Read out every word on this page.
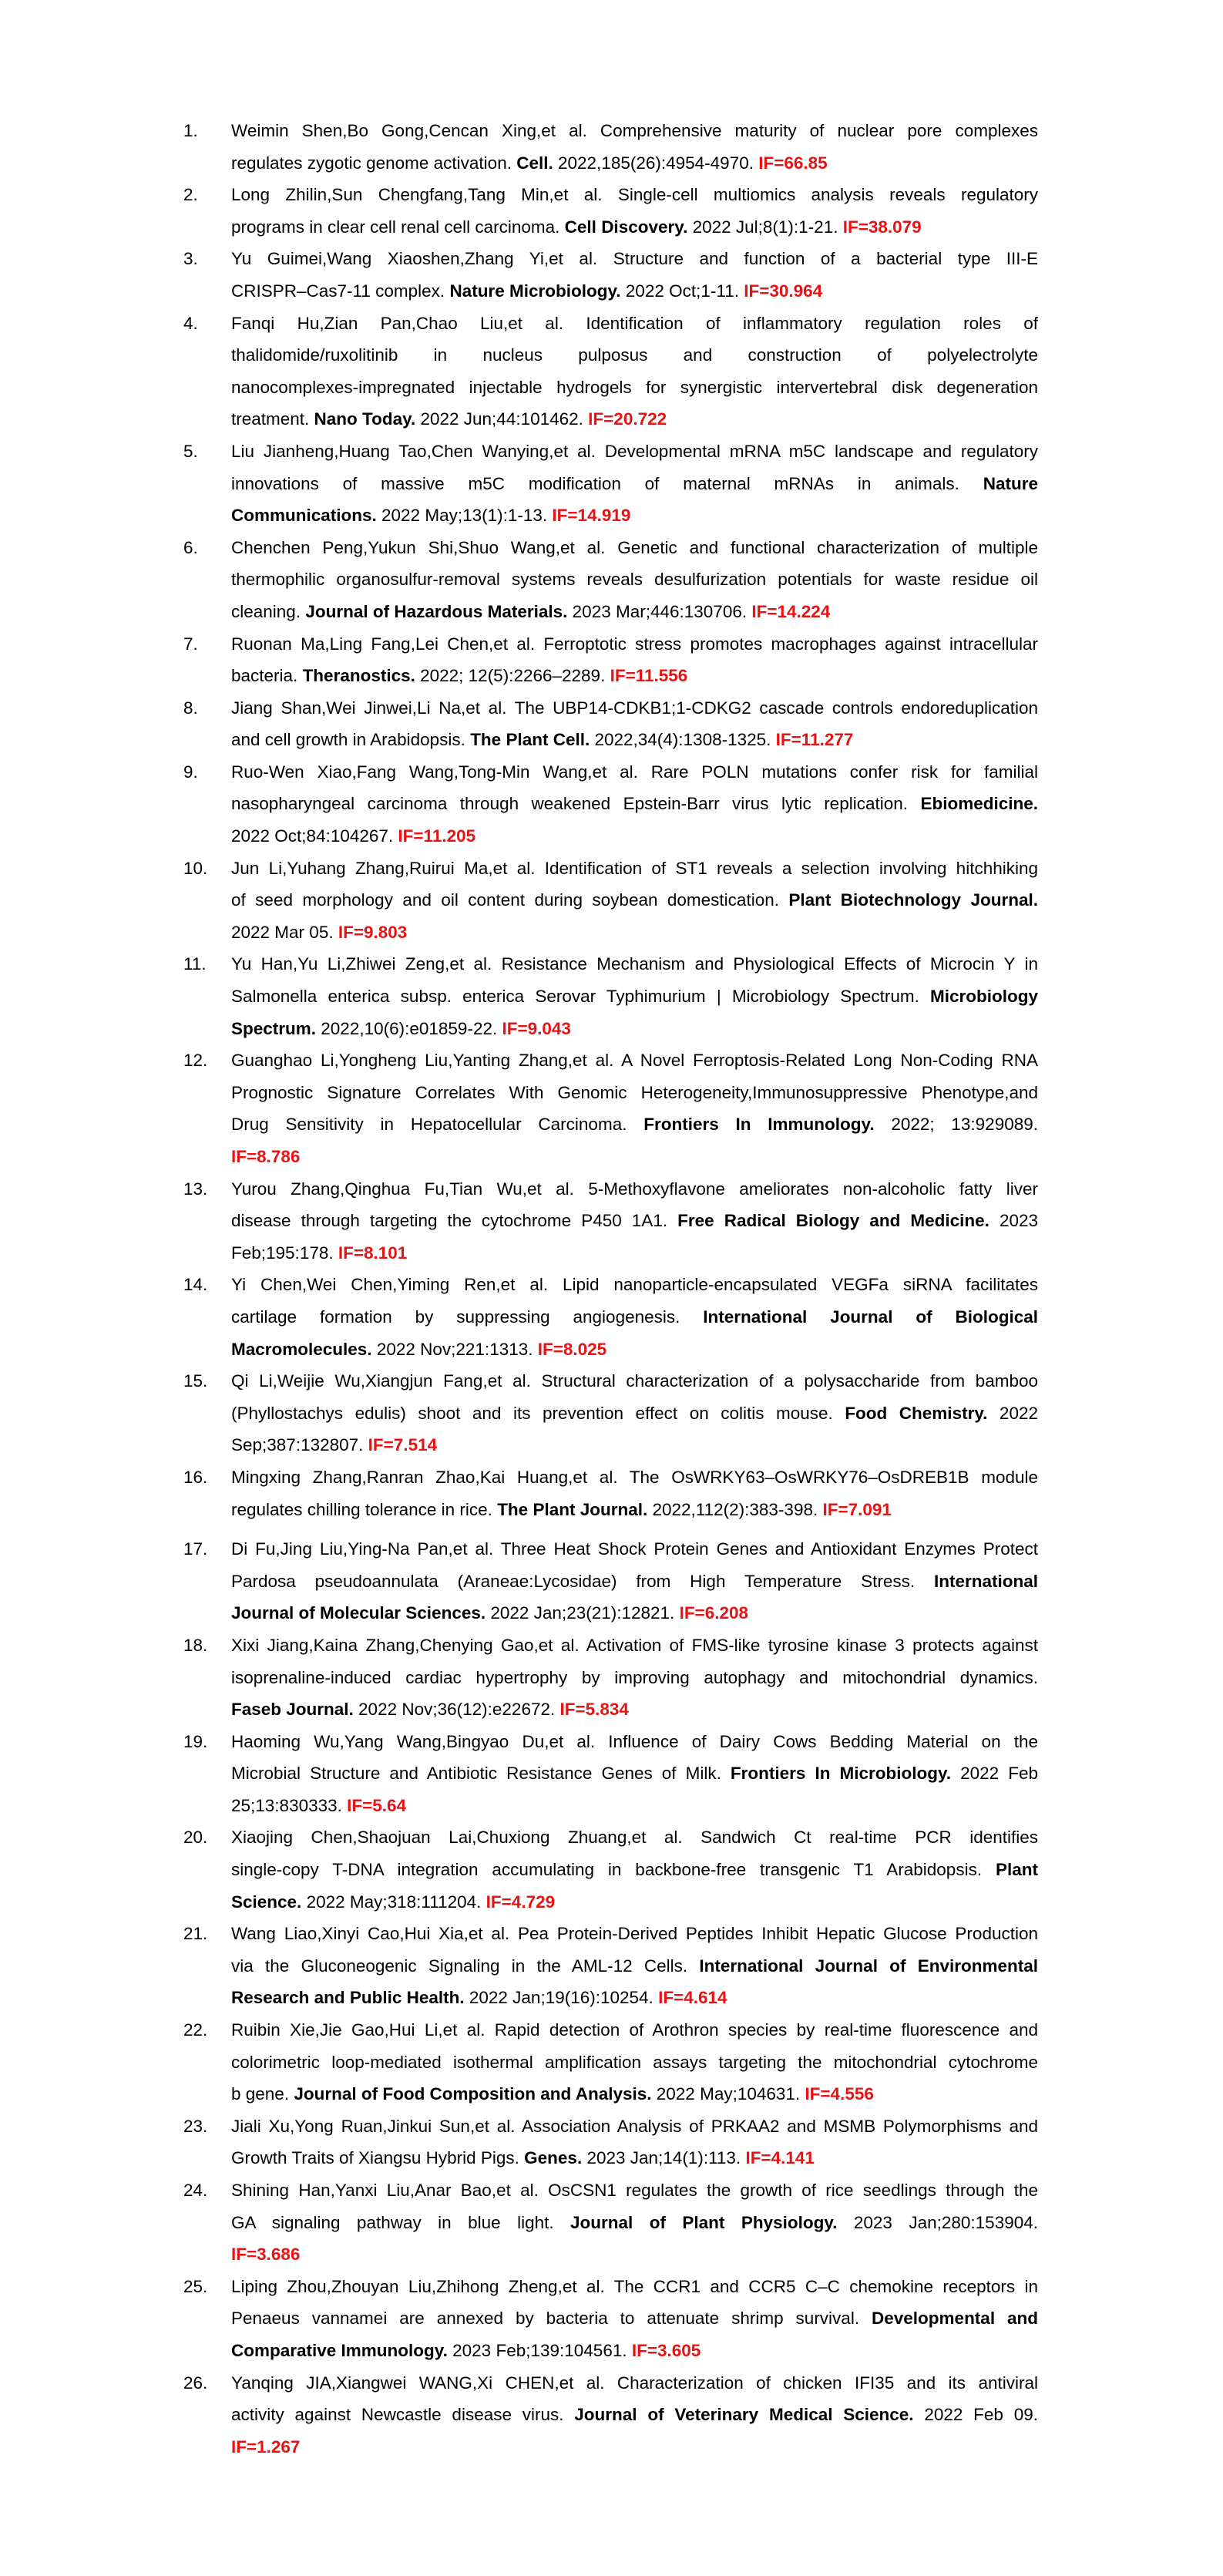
1. Weimin Shen,Bo Gong,Cencan Xing,et al. Comprehensive maturity of nuclear pore complexes
regulates zygotic genome activation. Cell. 2022,185(26):4954-4970. IF=66.85
2. Long Zhilin,Sun Chengfang,Tang Min,et al. Single-cell multiomics analysis reveals regulatory
programs in clear cell renal cell carcinoma. Cell Discovery. 2022 Jul;8(1):1-21. IF=38.079
3. Yu Guimei,Wang Xiaoshen,Zhang Yi,et al. Structure and function of a bacterial type III-E
CRISPR–Cas7-11 complex. Nature Microbiology. 2022 Oct;1-11. IF=30.964
4. Fanqi Hu,Zian Pan,Chao Liu,et al. Identification of inflammatory regulation roles of
thalidomide/ruxolitinib in nucleus pulposus and construction of polyelectrolyte
nanocomplexes-impregnated injectable hydrogels for synergistic intervertebral disk degeneration
treatment. Nano Today. 2022 Jun;44:101462. IF=20.722
5. Liu Jianheng,Huang Tao,Chen Wanying,et al. Developmental mRNA m5C landscape and regulatory
innovations of massive m5C modification of maternal mRNAs in animals. Nature
Communications. 2022 May;13(1):1-13. IF=14.919
6. Chenchen Peng,Yukun Shi,Shuo Wang,et al. Genetic and functional characterization of multiple
thermophilic organosulfur-removal systems reveals desulfurization potentials for waste residue oil
cleaning. Journal of Hazardous Materials. 2023 Mar;446:130706. IF=14.224
7. Ruonan Ma,Ling Fang,Lei Chen,et al. Ferroptotic stress promotes macrophages against intracellular
bacteria. Theranostics. 2022; 12(5):2266–2289. IF=11.556
8. Jiang Shan,Wei Jinwei,Li Na,et al. The UBP14-CDKB1;1-CDKG2 cascade controls endoreduplication
and cell growth in Arabidopsis. The Plant Cell. 2022,34(4):1308-1325. IF=11.277
9. Ruo-Wen Xiao,Fang Wang,Tong-Min Wang,et al. Rare POLN mutations confer risk for familial
nasopharyngeal carcinoma through weakened Epstein-Barr virus lytic replication. Ebiomedicine.
2022 Oct;84:104267. IF=11.205
10. Jun Li,Yuhang Zhang,Ruirui Ma,et al. Identification of ST1 reveals a selection involving hitchhiking
of seed morphology and oil content during soybean domestication. Plant Biotechnology Journal.
2022 Mar 05. IF=9.803
11. Yu Han,Yu Li,Zhiwei Zeng,et al. Resistance Mechanism and Physiological Effects of Microcin Y in
Salmonella enterica subsp. enterica Serovar Typhimurium | Microbiology Spectrum. Microbiology
Spectrum. 2022,10(6):e01859-22. IF=9.043
12. Guanghao Li,Yongheng Liu,Yanting Zhang,et al. A Novel Ferroptosis-Related Long Non-Coding RNA
Prognostic Signature Correlates With Genomic Heterogeneity,Immunosuppressive Phenotype,and
Drug Sensitivity in Hepatocellular Carcinoma. Frontiers In Immunology. 2022; 13:929089.
IF=8.786
13. Yurou Zhang,Qinghua Fu,Tian Wu,et al. 5-Methoxyflavone ameliorates non-alcoholic fatty liver
disease through targeting the cytochrome P450 1A1. Free Radical Biology and Medicine. 2023
Feb;195:178. IF=8.101
14. Yi Chen,Wei Chen,Yiming Ren,et al. Lipid nanoparticle-encapsulated VEGFa siRNA facilitates
cartilage formation by suppressing angiogenesis. International Journal of Biological
Macromolecules. 2022 Nov;221:1313. IF=8.025
15. Qi Li,Weijie Wu,Xiangjun Fang,et al. Structural characterization of a polysaccharide from bamboo
(Phyllostachys edulis) shoot and its prevention effect on colitis mouse. Food Chemistry. 2022
Sep;387:132807. IF=7.514
16. Mingxing Zhang,Ranran Zhao,Kai Huang,et al. The OsWRKY63–OsWRKY76–OsDREB1B module
regulates chilling tolerance in rice. The Plant Journal. 2022,112(2):383-398. IF=7.091
17. Di Fu,Jing Liu,Ying-Na Pan,et al. Three Heat Shock Protein Genes and Antioxidant Enzymes Protect
Pardosa pseudoannulata (Araneae:Lycosidae) from High Temperature Stress. International
Journal of Molecular Sciences. 2022 Jan;23(21):12821. IF=6.208
18. Xixi Jiang,Kaina Zhang,Chenying Gao,et al. Activation of FMS-like tyrosine kinase 3 protects against
isoprenaline-induced cardiac hypertrophy by improving autophagy and mitochondrial dynamics.
Faseb Journal. 2022 Nov;36(12):e22672. IF=5.834
19. Haoming Wu,Yang Wang,Bingyao Du,et al. Influence of Dairy Cows Bedding Material on the
Microbial Structure and Antibiotic Resistance Genes of Milk. Frontiers In Microbiology. 2022 Feb
25;13:830333. IF=5.64
20. Xiaojing Chen,Shaojuan Lai,Chuxiong Zhuang,et al. Sandwich Ct real-time PCR identifies
single-copy T-DNA integration accumulating in backbone-free transgenic T1 Arabidopsis. Plant
Science. 2022 May;318:111204. IF=4.729
21. Wang Liao,Xinyi Cao,Hui Xia,et al. Pea Protein-Derived Peptides Inhibit Hepatic Glucose Production
via the Gluconeogenic Signaling in the AML-12 Cells. International Journal of Environmental
Research and Public Health. 2022 Jan;19(16):10254. IF=4.614
22. Ruibin Xie,Jie Gao,Hui Li,et al. Rapid detection of Arothron species by real-time fluorescence and
colorimetric loop-mediated isothermal amplification assays targeting the mitochondrial cytochrome
b gene. Journal of Food Composition and Analysis. 2022 May;104631. IF=4.556
23. Jiali Xu,Yong Ruan,Jinkui Sun,et al. Association Analysis of PRKAA2 and MSMB Polymorphisms and
Growth Traits of Xiangsu Hybrid Pigs. Genes. 2023 Jan;14(1):113. IF=4.141
24. Shining Han,Yanxi Liu,Anar Bao,et al. OsCSN1 regulates the growth of rice seedlings through the
GA signaling pathway in blue light. Journal of Plant Physiology. 2023 Jan;280:153904.
IF=3.686
25. Liping Zhou,Zhouyan Liu,Zhihong Zheng,et al. The CCR1 and CCR5 C–C chemokine receptors in
Penaeus vannamei are annexed by bacteria to attenuate shrimp survival. Developmental and
Comparative Immunology. 2023 Feb;139:104561. IF=3.605
26. Yanqing JIA,Xiangwei WANG,Xi CHEN,et al. Characterization of chicken IFI35 and its antiviral
activity against Newcastle disease virus. Journal of Veterinary Medical Science. 2022 Feb 09.
IF=1.267
